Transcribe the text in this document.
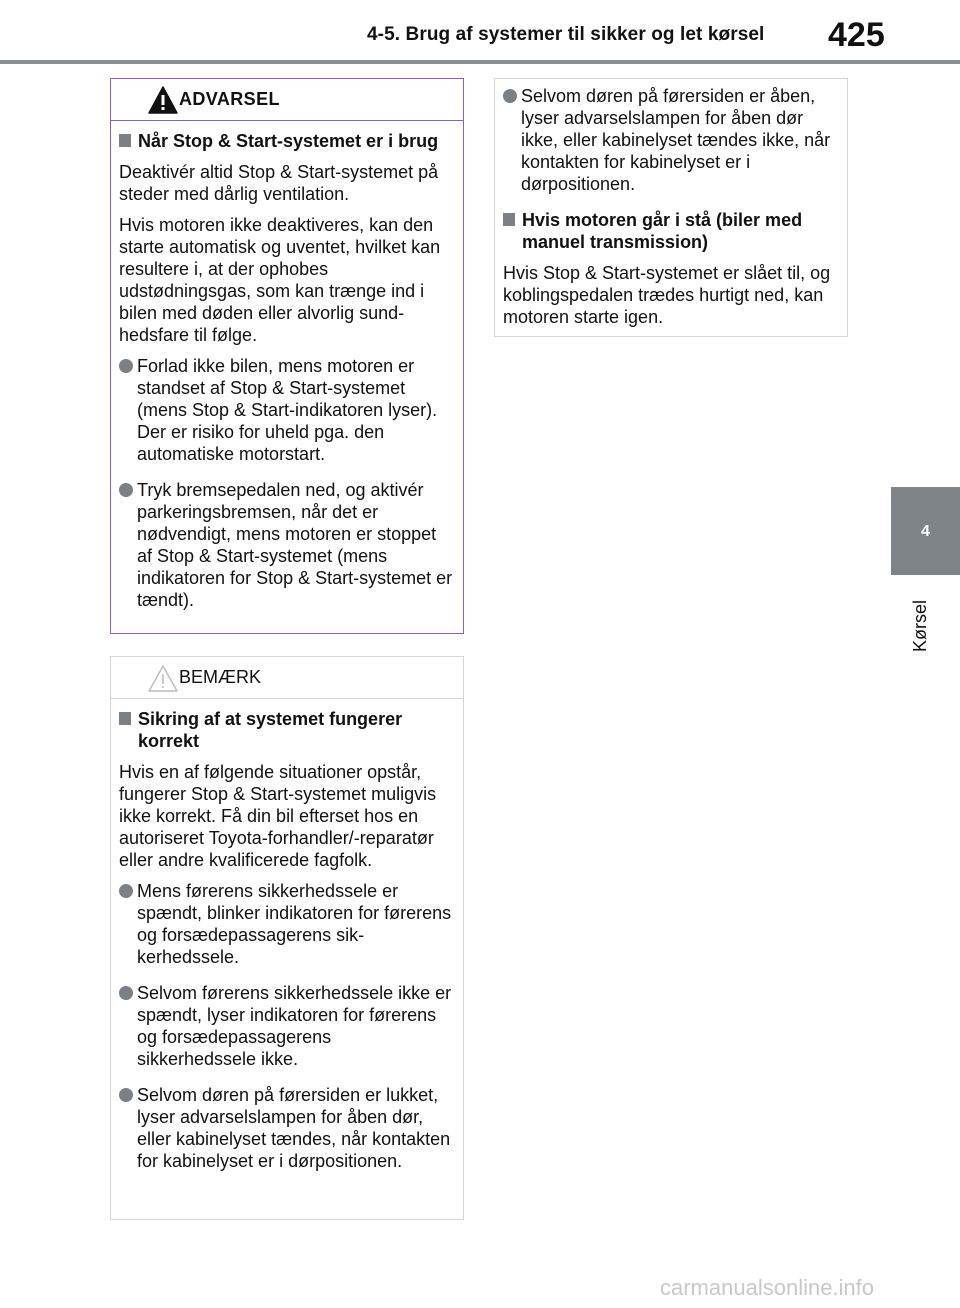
4-5. Brug af systemer til sikker og let kørsel 425
4
Kørsel
ADVARSEL
Når Stop & Start-systemet er i brug
Deaktivér altid Stop & Start-systemet på steder med dårlig ventilation.
Hvis motoren ikke deaktiveres, kan den starte automatisk og uventet, hvilket kan resultere i, at der ophobes udstødningsgas, som kan trænge ind i bilen med døden eller alvorlig sundhedsfare til følge.
Forlad ikke bilen, mens motoren er standset af Stop & Start-systemet (mens Stop & Start-indikatoren lyser). Der er risiko for uheld pga. den automatiske motorstart.
Tryk bremsepedalen ned, og aktivér parkeringsbremsen, når det er nødvendigt, mens motoren er stoppet af Stop & Start-systemet (mens indikatoren for Stop & Start-systemet er tændt).
BEMÆRK
Sikring af at systemet fungerer korrekt
Hvis en af følgende situationer opstår, fungerer Stop & Start-systemet muligvis ikke korrekt. Få din bil efterset hos en autoriseret Toyota-forhandler/-reparatør eller andre kvalificerede fagfolk.
Mens førerens sikkerhedssele er spændt, blinker indikatoren for førerens og forsædepassagerens sikkerhedssele.
Selvom førerens sikkerhedssele ikke er spændt, lyser indikatoren for førerens og forsædepassagerens sikkerhedssele ikke.
Selvom døren på førersiden er lukket, lyser advarselslampen for åben dør, eller kabinelyset tændes, når kontakten for kabinelyset er i dørpositionen.
Selvom døren på førersiden er åben, lyser advarselslampen for åben dør ikke, eller kabinelyset tændes ikke, når kontakten for kabinelyset er i dørpositionen.
Hvis motoren går i stå (biler med manuel transmission)
Hvis Stop & Start-systemet er slået til, og koblingspedalen trædes hurtigt ned, kan motoren starte igen.
carmanualsonline.info
